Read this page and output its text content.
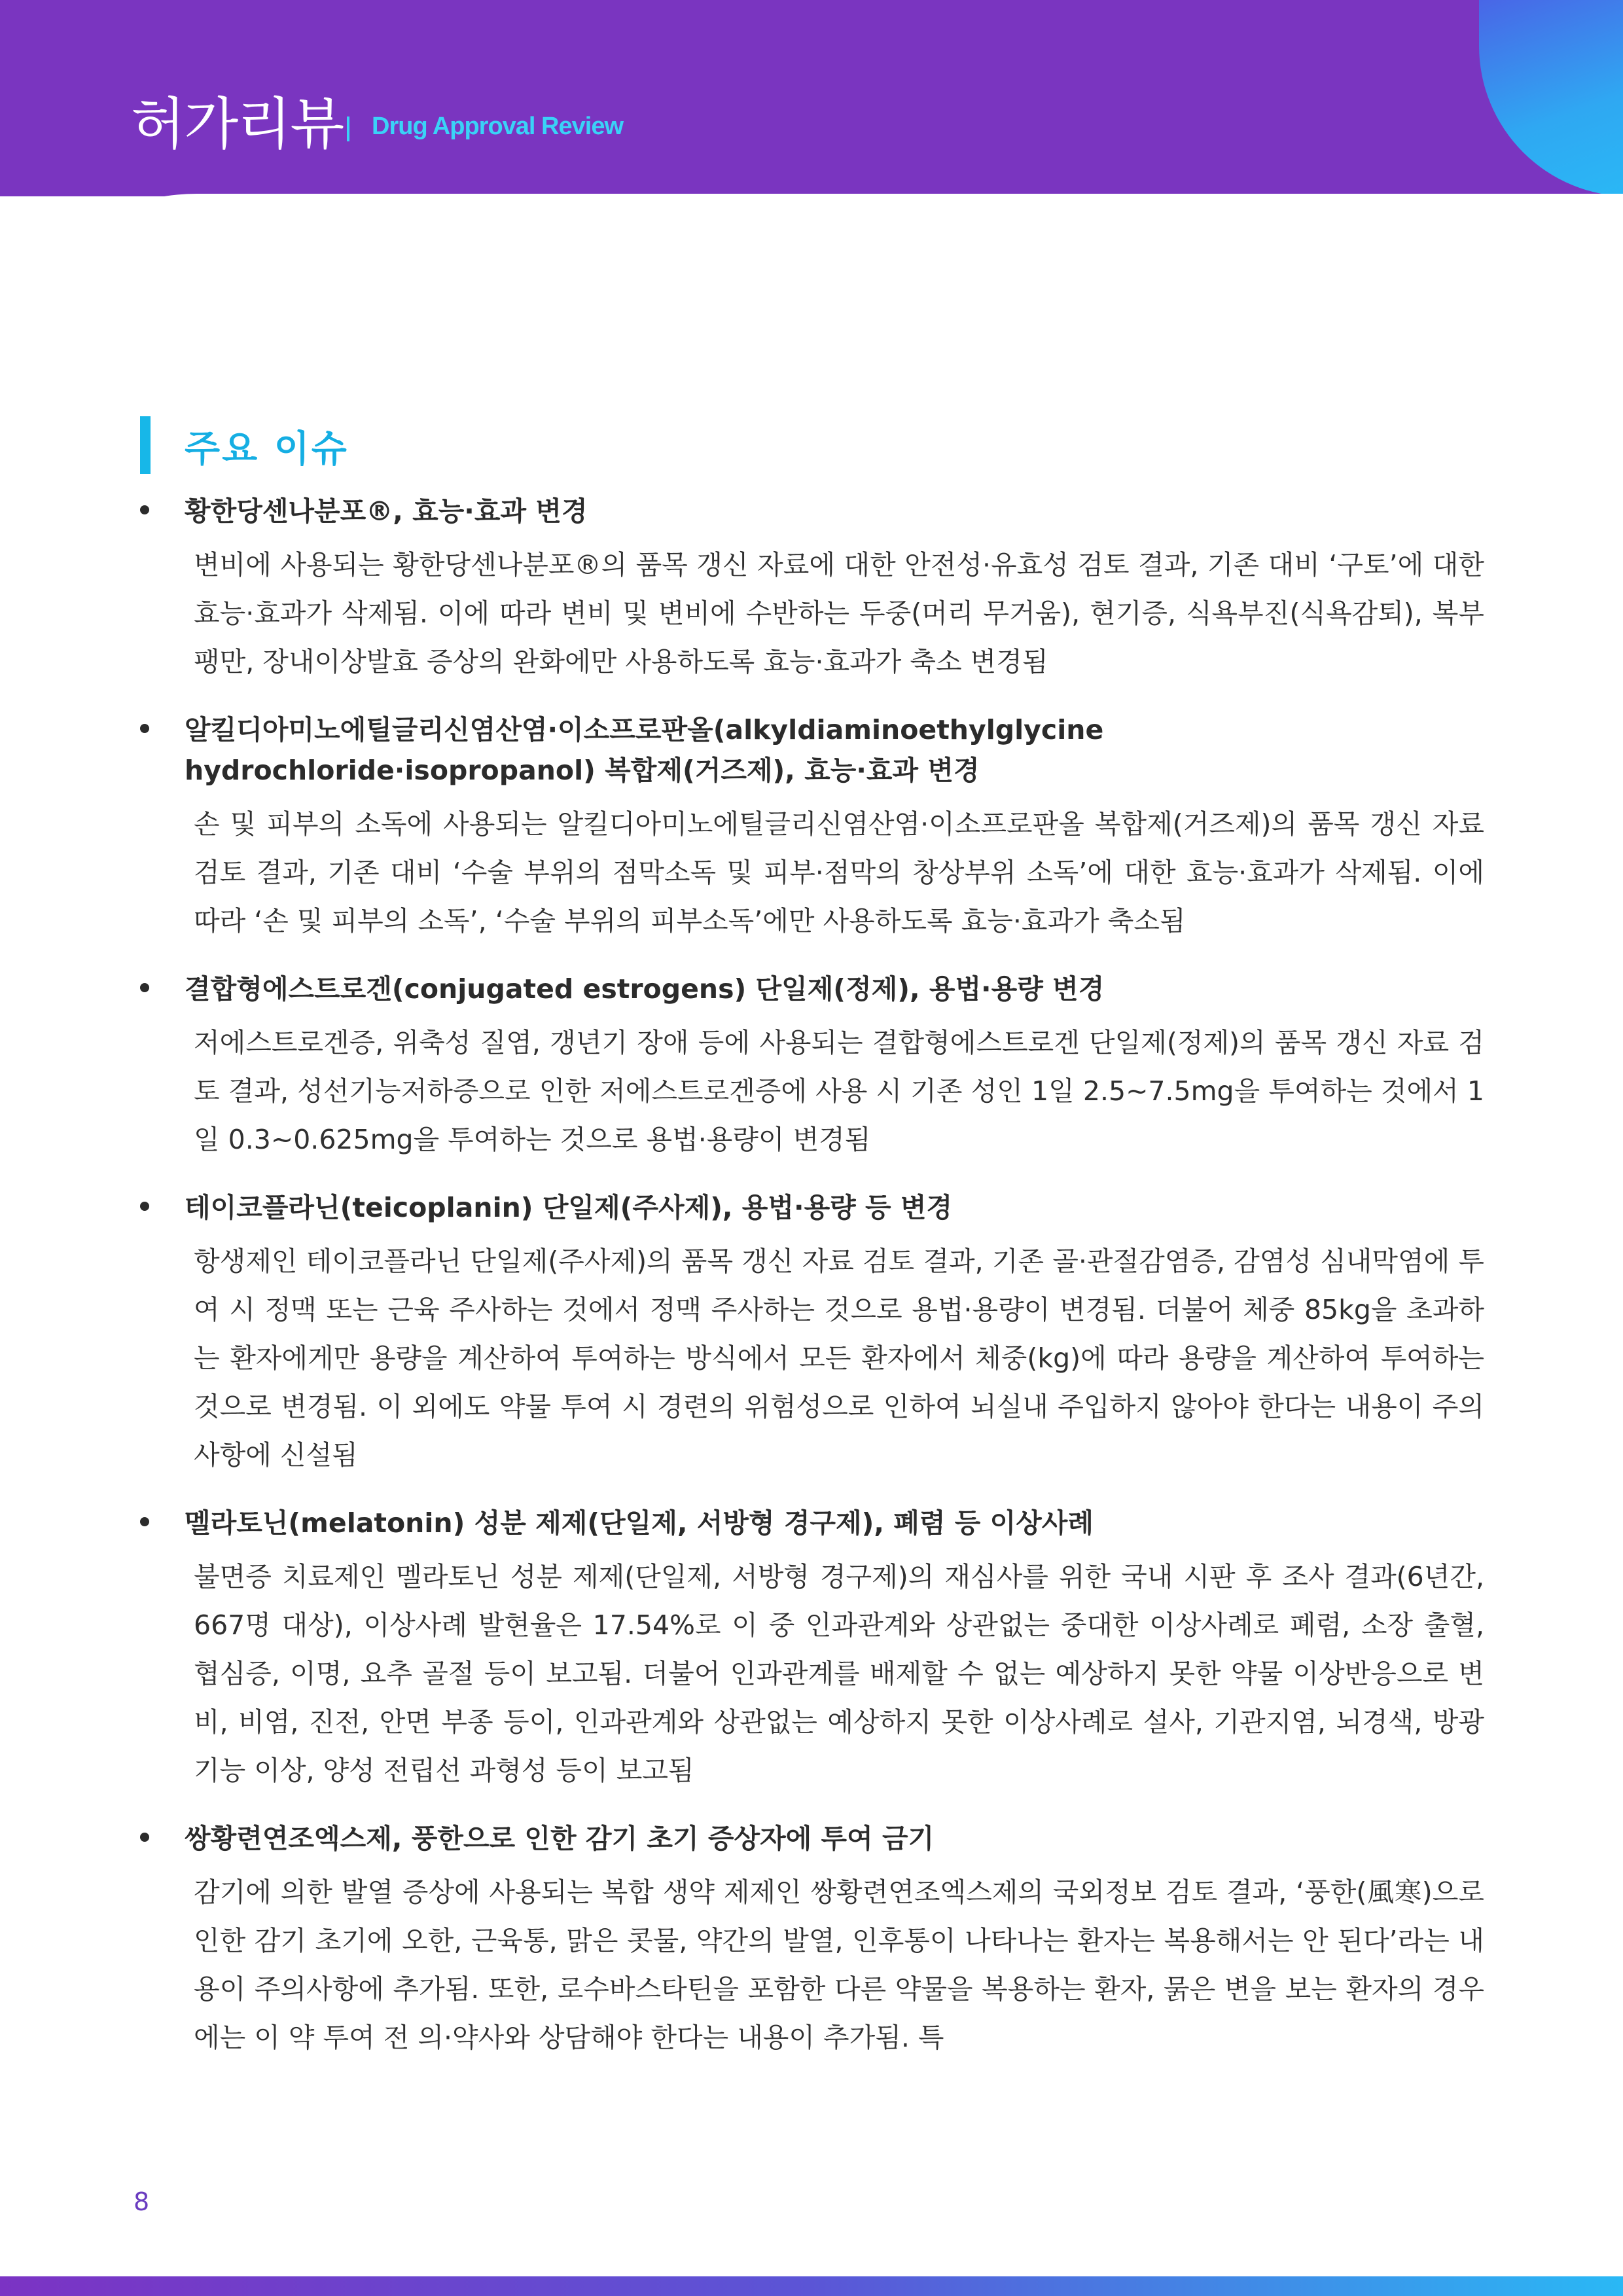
허가리뷰 Drug Approval Review
주요 이슈
황한당센나분포®, 효능·효과 변경
변비에 사용되는 황한당센나분포®의 품목 갱신 자료에 대한 안전성·유효성 검토 결과, 기존 대비 ‘구토’에 대한 효능·효과가 삭제됨. 이에 따라 변비 및 변비에 수반하는 두중(머리 무거움), 현기증, 식욕부진(식욕감퇴), 복부팽만, 장내이상발효 증상의 완화에만 사용하도록 효능·효과가 축소 변경됨
알킬디아미노에틸글리신염산염·이소프로판올(alkyldiaminoethylglycine hydrochloride·isopropanol) 복합제(거즈제), 효능·효과 변경
손 및 피부의 소독에 사용되는 알킬디아미노에틸글리신염산염·이소프로판올 복합제(거즈제)의 품목 갱신 자료 검토 결과, 기존 대비 ‘수술 부위의 점막소독 및 피부·점막의 창상부위 소독’에 대한 효능·효과가 삭제됨. 이에 따라 ‘손 및 피부의 소독’, ‘수술 부위의 피부소독’에만 사용하도록 효능·효과가 축소됨
결합형에스트로겐(conjugated estrogens) 단일제(정제), 용법·용량 변경
저에스트로겐증, 위축성 질염, 갱년기 장애 등에 사용되는 결합형에스트로겐 단일제(정제)의 품목 갱신 자료 검토 결과, 성선기능저하증으로 인한 저에스트로겐증에 사용 시 기존 성인 1일 2.5~7.5mg을 투여하는 것에서 1일 0.3~0.625mg을 투여하는 것으로 용법·용량이 변경됨
테이코플라닌(teicoplanin) 단일제(주사제), 용법·용량 등 변경
항생제인 테이코플라닌 단일제(주사제)의 품목 갱신 자료 검토 결과, 기존 골·관절감염증, 감염성 심내막염에 투여 시 정맥 또는 근육 주사하는 것에서 정맥 주사하는 것으로 용법·용량이 변경됨. 더불어 체중 85kg을 초과하는 환자에게만 용량을 계산하여 투여하는 방식에서 모든 환자에서 체중(kg)에 따라 용량을 계산하여 투여하는 것으로 변경됨. 이 외에도 약물 투여 시 경련의 위험성으로 인하여 뇌실내 주입하지 않아야 한다는 내용이 주의사항에 신설됨
멜라토닌(melatonin) 성분 제제(단일제, 서방형 경구제), 폐렴 등 이상사례
불면증 치료제인 멜라토닌 성분 제제(단일제, 서방형 경구제)의 재심사를 위한 국내 시판 후 조사 결과(6년간, 667명 대상), 이상사례 발현율은 17.54%로 이 중 인과관계와 상관없는 중대한 이상사례로 폐렴, 소장 출혈, 협심증, 이명, 요추 골절 등이 보고됨. 더불어 인과관계를 배제할 수 없는 예상하지 못한 약물 이상반응으로 변비, 비염, 진전, 안면 부종 등이, 인과관계와 상관없는 예상하지 못한 이상사례로 설사, 기관지염, 뇌경색, 방광 기능 이상, 양성 전립선 과형성 등이 보고됨
쌍황련연조엑스제, 풍한으로 인한 감기 초기 증상자에 투여 금기
감기에 의한 발열 증상에 사용되는 복합 생약 제제인 쌍황련연조엑스제의 국외정보 검토 결과, ‘풍한(風寒)으로 인한 감기 초기에 오한, 근육통, 맑은 콧물, 약간의 발열, 인후통이 나타나는 환자는 복용해서는 안 된다’라는 내용이 주의사항에 추가됨. 또한, 로수바스타틴을 포함한 다른 약물을 복용하는 환자, 묽은 변을 보는 환자의 경우에는 이 약 투여 전 의·약사와 상담해야 한다는 내용이 추가됨. 특
8
